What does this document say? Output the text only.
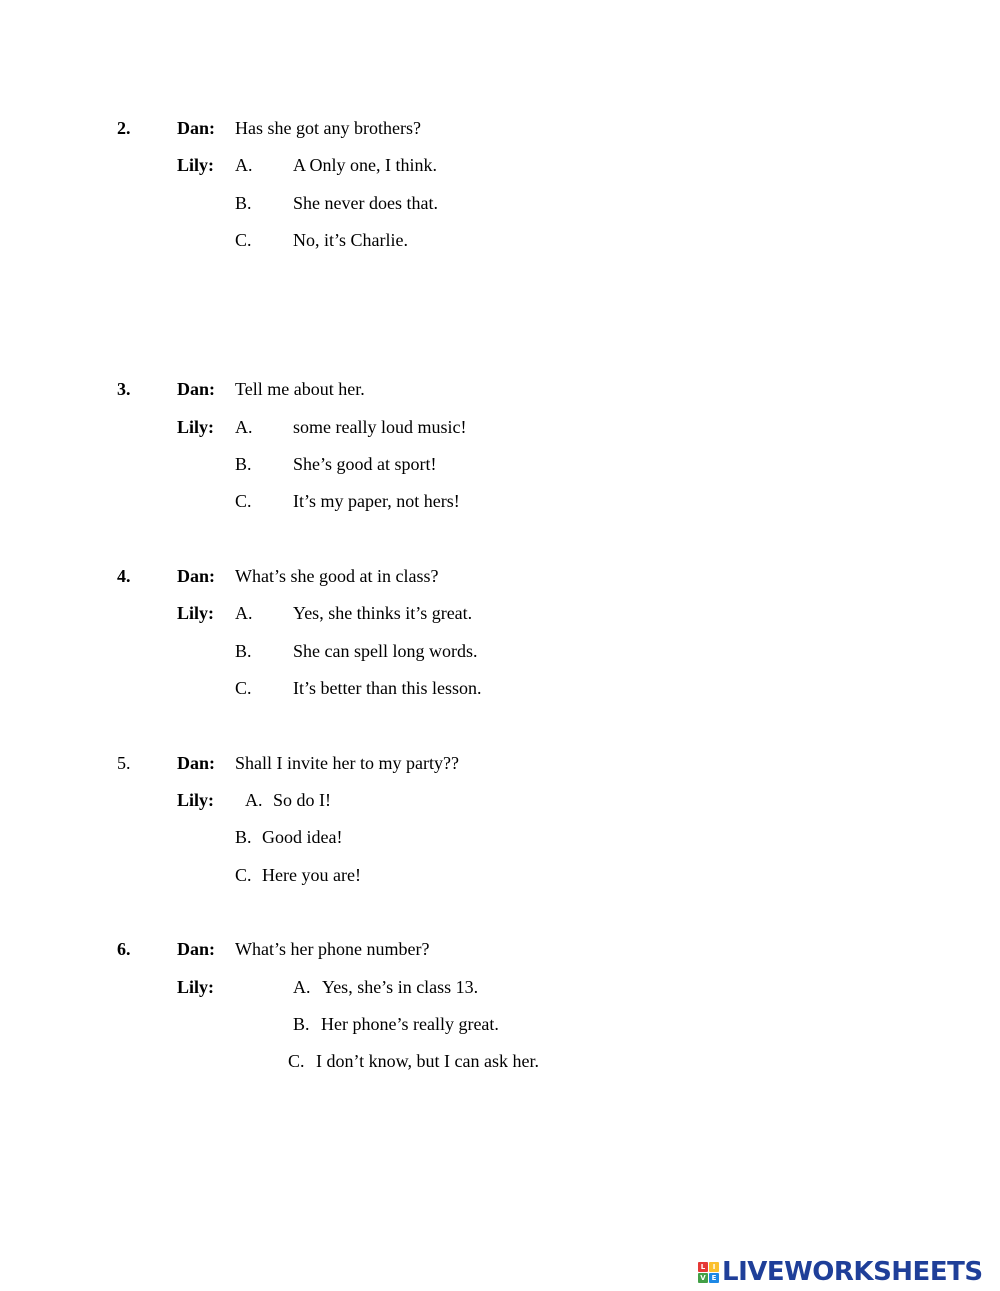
2.	Dan: Has she got any brothers?
Lily: A. A Only one, I think.
B. She never does that.
C. No, it’s Charlie.
3.	Dan: Tell me about her.
Lily: A. some really loud music!
B. She’s good at sport!
C. It’s my paper, not hers!
4.	Dan: What’s she good at in class?
Lily: A. Yes, she thinks it’s great.
B. She can spell long words.
C. It’s better than this lesson.
5.	Dan: Shall I invite her to my party??
Lily: A. So do I!
B. Good idea!
C. Here you are!
6.	Dan: What’s her phone number?
Lily:	A. Yes, she’s in class 13.
B. Her phone’s really great.
C. I don’t know, but I can ask her.
L	I
V E LIVEWORKSHEETS
